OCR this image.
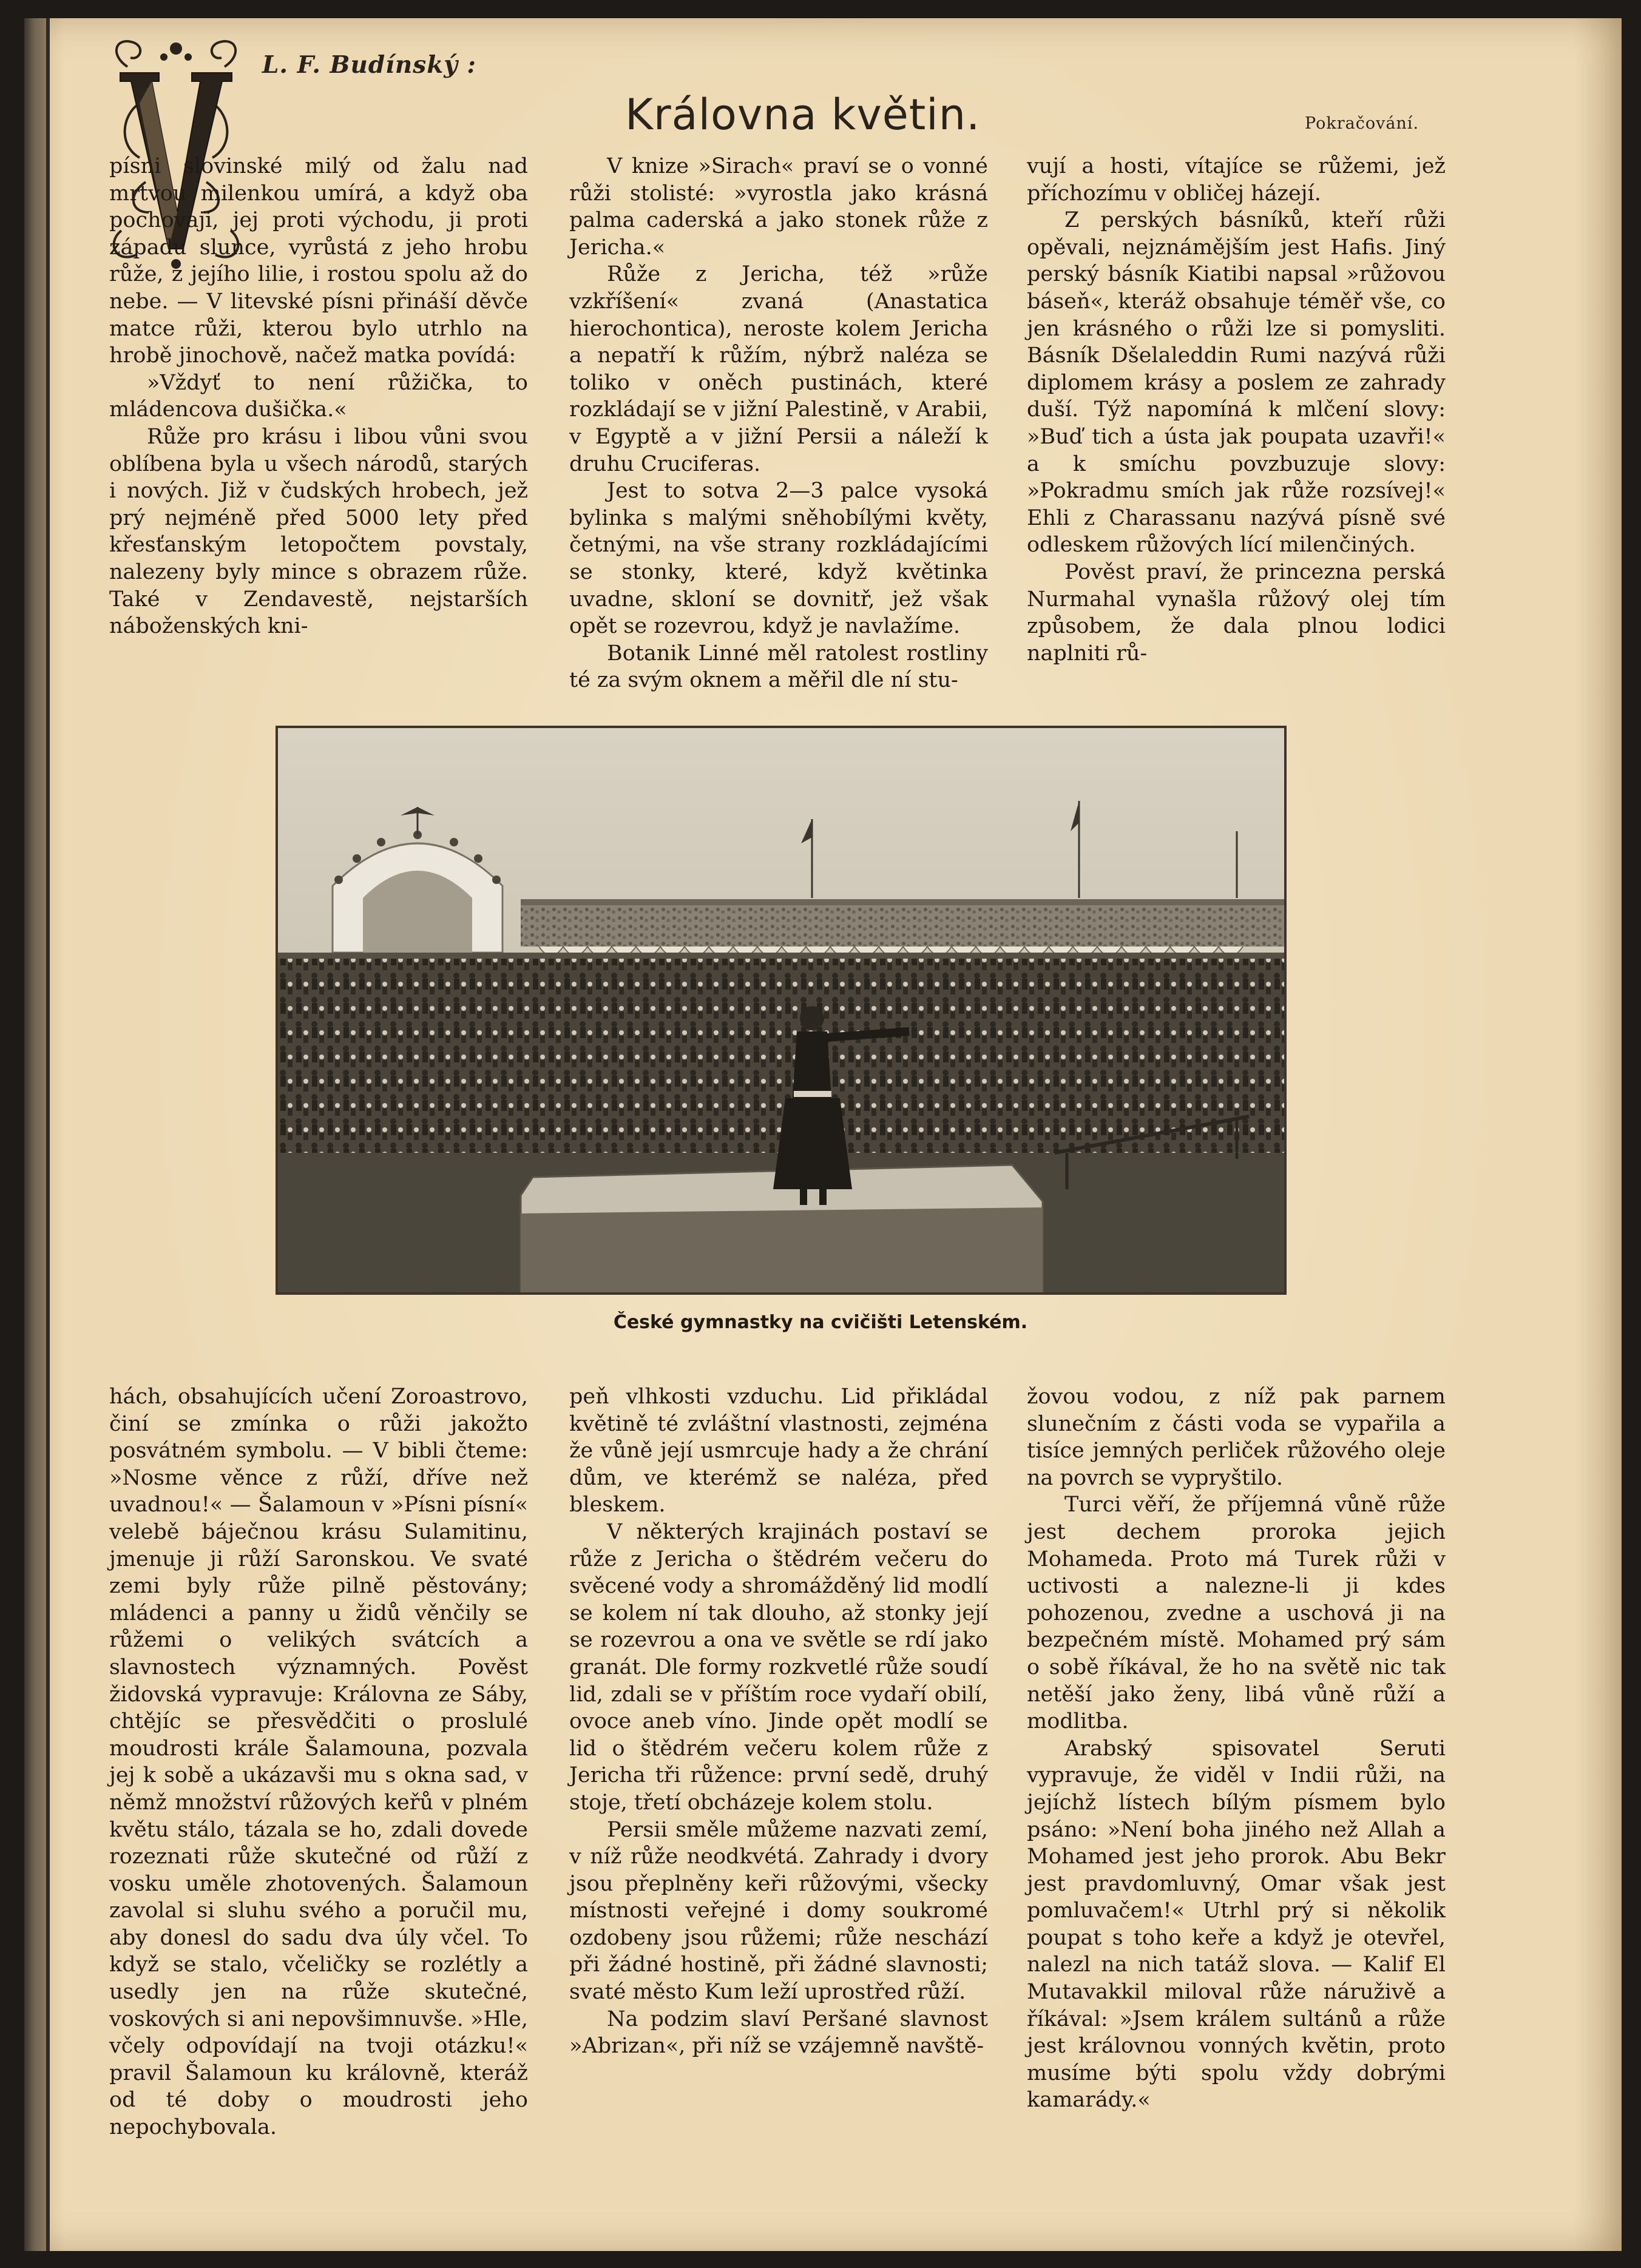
L. F. Budínský :
Královna květin.	Pokračování.

písni slovinské milý od žalu nad mrtvou milenkou umírá, a když oba pochovají, jej proti východu, ji proti západu slunce, vyrůstá z jeho hrobu růže, z jejího lilie, i rostou spolu až do nebe. — V litevské písni přináší děvče matce růži, kterou bylo utrhlo na hrobě jinochově, načež matka povídá:

»Vždyť to není růžička, to mládencova dušička.«

Růže pro krásu i libou vůni svou oblíbena byla u všech národů, starých i nových. Již v čudských hrobech, jež prý nejméně před 5000 lety před křesťanským letopočtem povstaly, nalezeny byly mince s obrazem růže. Také v Zendavestě, nejstarších náboženských kni-

V knize »Sirach« praví se o vonné růži stolisté: »vyrostla jako krásná palma caderská a jako stonek růže z Jericha.«

Růže z Jericha, též »růže vzkříšení« zvaná (Anastatica hierochontica), neroste kolem Jericha a nepatří k růžím, nýbrž naléza se toliko v oněch pustinách, které rozkládají se v jižní Palestině, v Arabii, v Egyptě a v jižní Persii a náleží k druhu Cruciferas.

Jest to sotva 2—3 palce vysoká bylinka s malými sněhobílými květy, četnými, na vše strany rozkládajícími se stonky, které, když květinka uvadne, skloní se dovnitř, jež však opět se rozevrou, když je navlažíme.

Botanik Linné měl ratolest rostliny té za svým oknem a měřil dle ní stu-

vují a hosti, vítajíce se růžemi, jež příchozímu v obličej házejí.

Z perských básníků, kteří růži opěvali, nejznámějším jest Hafis. Jiný perský básník Kiatibi napsal »růžovou báseň«, kteráž obsahuje téměř vše, co jen krásného o růži lze si pomysliti. Básník Dšelaleddin Rumi nazývá růži diplomem krásy a poslem ze zahrady duší. Týž napomíná k mlčení slovy: »Buď tich a ústa jak poupata uzavři!« a k smíchu povzbuzuje slovy: »Pokradmu smích jak růže rozsívej!« Ehli z Charassanu nazývá písně své odleskem růžových lící milenčiných.

Pověst praví, že princezna perská Nurmahal vynašla růžový olej tím způsobem, že dala plnou lodici naplniti rů-

České gymnastky na cvičišti Letenském.

hách, obsahujících učení Zoroastrovo, činí se zmínka o růži jakožto posvátném symbolu. — V bibli čteme: »Nosme věnce z růží, dříve než uvadnou!« — Šalamoun v »Písni písní« velebě báječnou krásu Sulamitinu, jmenuje ji růží Saronskou. Ve svaté zemi byly růže pilně pěstovány; mládenci a panny u židů věnčily se růžemi o velikých svátcích a slavnostech významných. Pověst židovská vypravuje: Královna ze Sáby, chtějíc se přesvědčiti o proslulé moudrosti krále Šalamouna, pozvala jej k sobě a ukázavši mu s okna sad, v němž množství růžových keřů v plném květu stálo, tázala se ho, zdali dovede rozeznati růže skutečné od růží z vosku uměle zhotovených. Šalamoun zavolal si sluhu svého a poručil mu, aby donesl do sadu dva úly včel. To když se stalo, včeličky se rozlétly a usedly jen na růže skutečné, voskových si ani nepovšimnuvše. »Hle, včely odpovídají na tvoji otázku!« pravil Šalamoun ku královně, kteráž od té doby o moudrosti jeho nepochybovala.

peň vlhkosti vzduchu. Lid přikládal květině té zvláštní vlastnosti, zejména že vůně její usmrcuje hady a že chrání dům, ve kterémž se naléza, před bleskem.

V některých krajinách postaví se růže z Jericha o štědrém večeru do svěcené vody a shromážděný lid modlí se kolem ní tak dlouho, až stonky její se rozevrou a ona ve světle se rdí jako granát. Dle formy rozkvetlé růže soudí lid, zdali se v příštím roce vydaří obilí, ovoce aneb víno. Jinde opět modlí se lid o štědrém večeru kolem růže z Jericha tři růžence: první sedě, druhý stoje, třetí obcházeje kolem stolu.

Persii směle můžeme nazvati zemí, v níž růže neodkvétá. Zahrady i dvory jsou přeplněny keři růžovými, všecky místnosti veřejné i domy soukromé ozdobeny jsou růžemi; růže neschází při žádné hostině, při žádné slavnosti; svaté město Kum leží uprostřed růží.

Na podzim slaví Peršané slavnost »Abrizan«, při níž se vzájemně navště-

žovou vodou, z níž pak parnem slunečním z části voda se vypařila a tisíce jemných perliček růžového oleje na povrch se vypryštilo.

Turci věří, že příjemná vůně růže jest dechem proroka jejich Mohameda. Proto má Turek růži v uctivosti a nalezne-li ji kdes pohozenou, zvedne a uschová ji na bezpečném místě. Mohamed prý sám o sobě říkával, že ho na světě nic tak netěší jako ženy, libá vůně růží a modlitba.

Arabský spisovatel Seruti vypravuje, že viděl v Indii růži, na jejíchž lístech bílým písmem bylo psáno: »Není boha jiného než Allah a Mohamed jest jeho prorok. Abu Bekr jest pravdomluvný, Omar však jest pomluvačem!« Utrhl prý si několik poupat s toho keře a když je otevřel, nalezl na nich tatáž slova. — Kalif El Mutavakkil miloval růže náruživě a říkával: »Jsem králem sultánů a růže jest královnou vonných květin, proto musíme býti spolu vždy dobrými kamarády.«
